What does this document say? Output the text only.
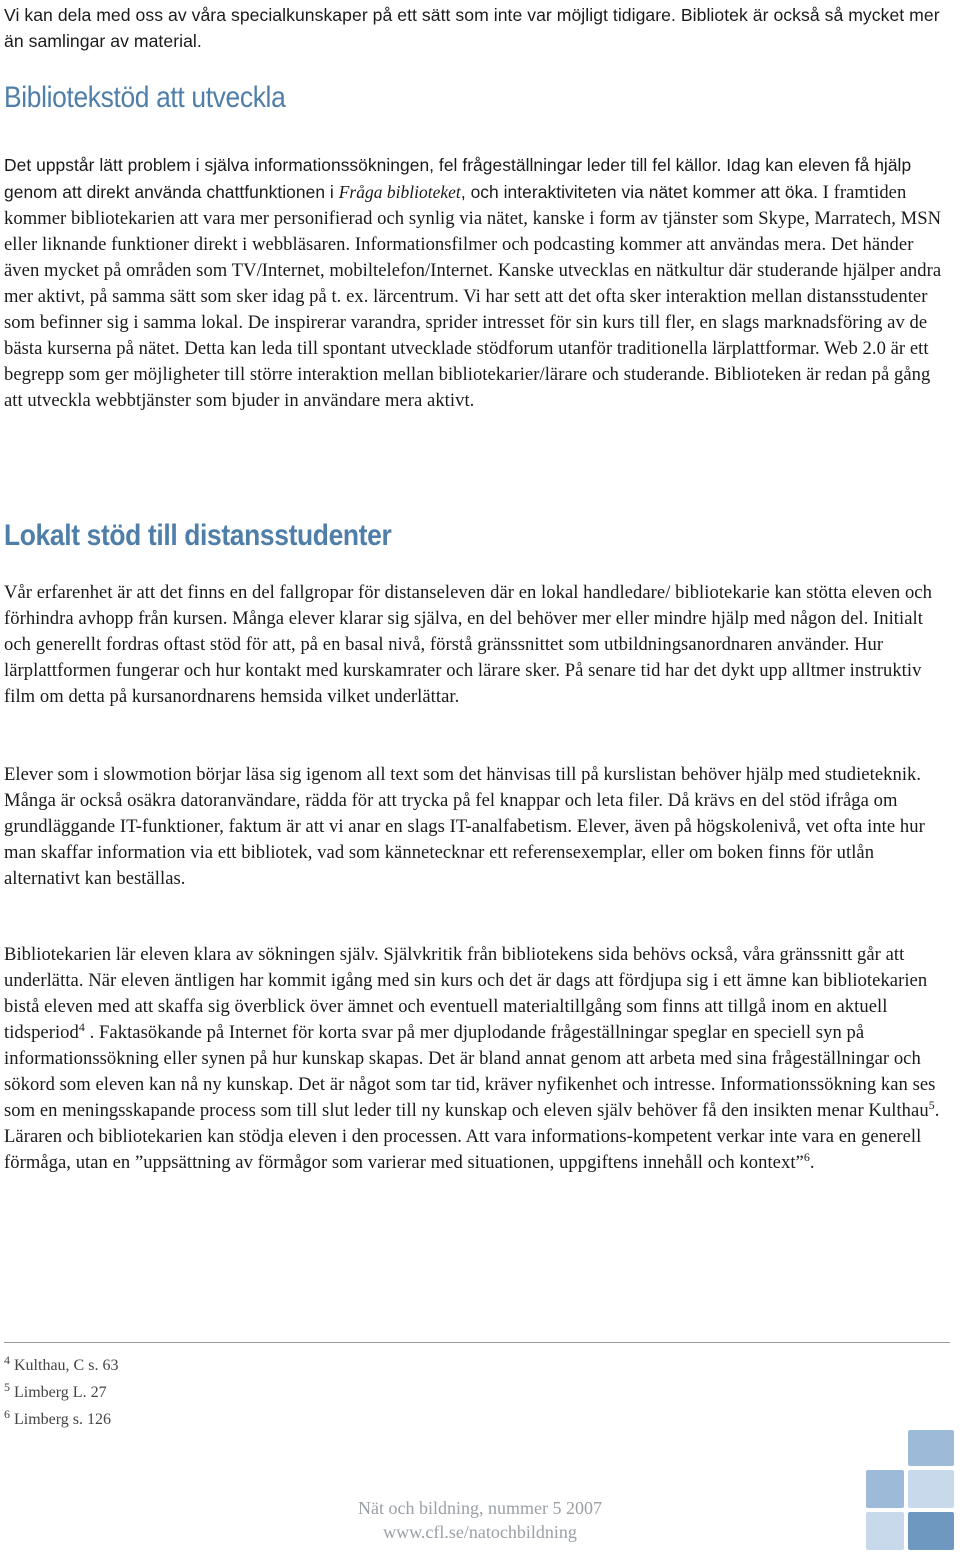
Vi kan dela med oss av våra specialkunskaper på ett sätt som inte var möjligt tidigare. Bibliotek är också så mycket mer än samlingar av material.

Bibliotekstöd att utveckla

Det uppstår lätt problem i själva informationssökningen, fel frågeställningar leder till fel källor. Idag kan eleven få hjälp genom att direkt använda chattfunktionen i Fråga biblioteket, och interaktiviteten via nätet kommer att öka. I framtiden kommer bibliotekarien att vara mer personifierad och synlig via nätet, kanske i form av tjänster som Skype, Marratech, MSN eller liknande funktioner direkt i webbläsaren. Informationsfilmer och podcasting kommer att användas mera. Det händer även mycket på områden som TV/Internet, mobiltelefon/Internet. Kanske utvecklas en nätkultur där studerande hjälper andra mer aktivt, på samma sätt som sker idag på t. ex. lärcentrum. Vi har sett att det ofta sker interaktion mellan distansstudenter som befinner sig i samma lokal. De inspirerar varandra, sprider intresset för sin kurs till fler, en slags marknadsföring av de bästa kurserna på nätet. Detta kan leda till spontant utvecklade stödforum utanför traditionella lärplattformar. Web 2.0 är ett begrepp som ger möjligheter till större interaktion mellan bibliotekarier/lärare och studerande. Biblioteken är redan på gång att utveckla webbtjänster som bjuder in användare mera aktivt.

Lokalt stöd till distansstudenter

Vår erfarenhet är att det finns en del fallgropar för distanseleven där en lokal handledare/ bibliotekarie kan stötta eleven och förhindra avhopp från kursen. Många elever klarar sig själva, en del behöver mer eller mindre hjälp med någon del. Initialt och generellt fordras oftast stöd för att, på en basal nivå, förstå gränssnittet som utbildningsanordnaren använder. Hur lärplattformen fungerar och hur kontakt med kurskamrater och lärare sker. På senare tid har det dykt upp alltmer instruktiv film om detta på kursanordnarens hemsida vilket underlättar.

Elever som i slowmotion börjar läsa sig igenom all text som det hänvisas till på kurslistan behöver hjälp med studieteknik. Många är också osäkra datoranvändare, rädda för att trycka på fel knappar och leta filer. Då krävs en del stöd ifråga om grundläggande IT-funktioner, faktum är att vi anar en slags IT-analfabetism. Elever, även på högskolenivå, vet ofta inte hur man skaffar information via ett bibliotek, vad som kännetecknar ett referensexemplar, eller om boken finns för utlån alternativt kan beställas.

Bibliotekarien lär eleven klara av sökningen själv. Självkritik från bibliotekens sida behövs också, våra gränssnitt går att underlätta. När eleven äntligen har kommit igång med sin kurs och det är dags att fördjupa sig i ett ämne kan bibliotekarien bistå eleven med att skaffa sig överblick över ämnet och eventuell materialtillgång som finns att tillgå inom en aktuell tidsperiod$^4$ . Faktasökande på Internet för korta svar på mer djuplodande frågeställningar speglar en speciell syn på informationssökning eller synen på hur kunskap skapas. Det är bland annat genom att arbeta med sina frågeställningar och sökord som eleven kan nå ny kunskap. Det är något som tar tid, kräver nyfikenhet och intresse. Informationssökning kan ses som en meningsskapande process som till slut leder till ny kunskap och eleven själv behöver få den insikten menar Kulthau$^5$. Läraren och bibliotekarien kan stödja eleven i den processen. Att vara informations-kompetent verkar inte vara en generell förmåga, utan en ”uppsättning av förmågor som varierar med situationen, uppgiftens innehåll och kontext”$^6$.

$^4$ Kulthau, C s. 63
$^5$ Limberg L. 27
$^6$ Limberg s. 126
Nät och bildning, nummer 5 2007
www.cfl.se/natochbildning
